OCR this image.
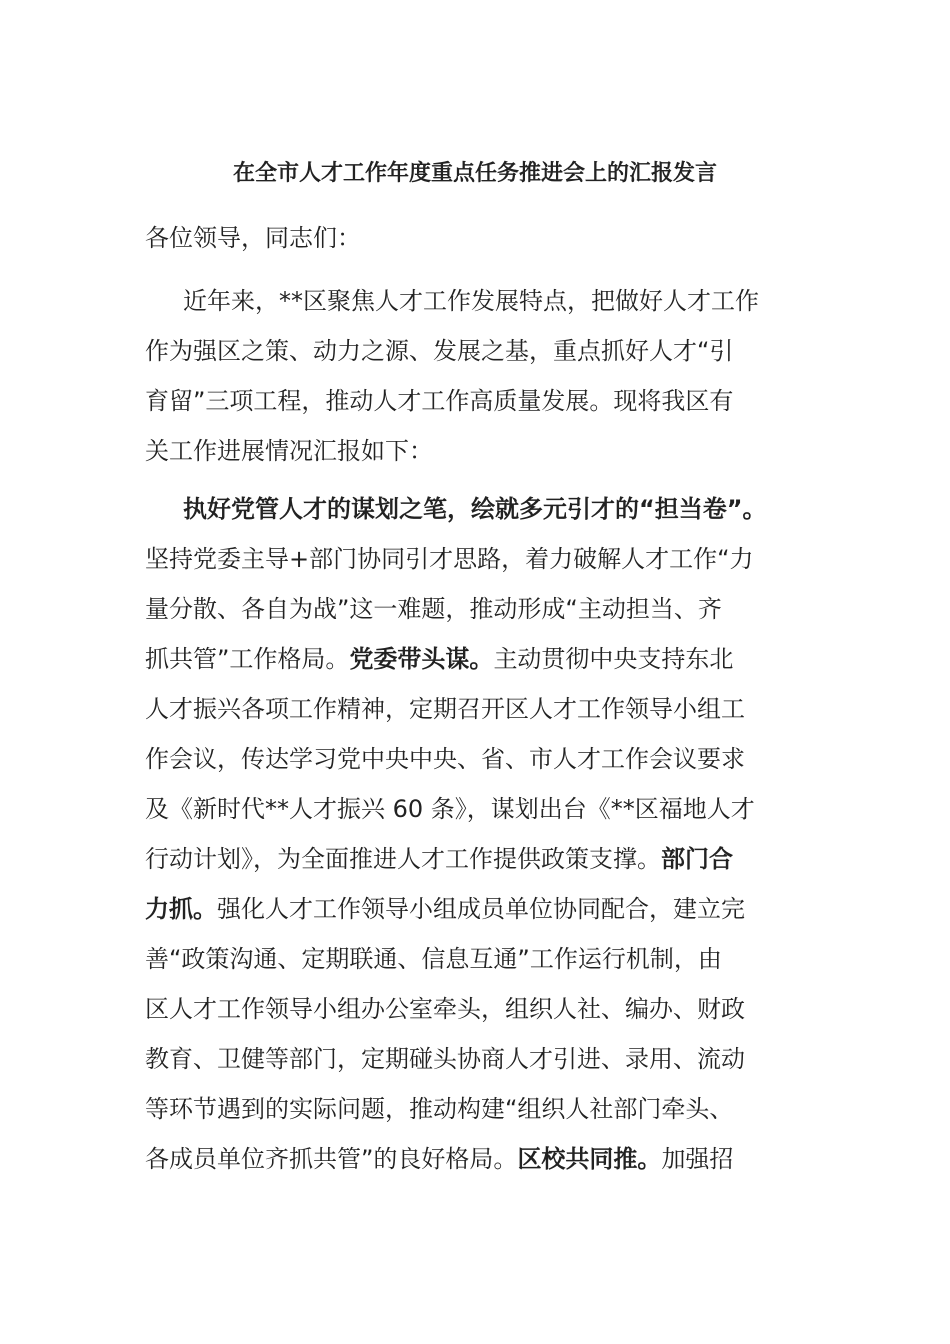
在全市人才工作年度重点任务推进会上的汇报发言
各位领导，同志们：
近年来，**区聚焦人才工作发展特点，把做好人才工作
作为强区之策、动力之源、发展之基，重点抓好人才“引
育留”三项工程，推动人才工作高质量发展。现将我区有
关工作进展情况汇报如下：
执好党管人才的谋划之笔，绘就多元引才的“担当卷”。
坚持党委主导+部门协同引才思路，着力破解人才工作“力
量分散、各自为战”这一难题，推动形成“主动担当、齐
抓共管”工作格局。党委带头谋。主动贯彻中央支持东北
人才振兴各项工作精神，定期召开区人才工作领导小组工
作会议，传达学习党中央中央、省、市人才工作会议要求
及《新时代**人才振兴 60 条》，谋划出台《**区福地人才
行动计划》，为全面推进人才工作提供政策支撑。部门合
力抓。强化人才工作领导小组成员单位协同配合，建立完
善“政策沟通、定期联通、信息互通”工作运行机制，由
区人才工作领导小组办公室牵头，组织人社、编办、财政
教育、卫健等部门，定期碰头协商人才引进、录用、流动
等环节遇到的实际问题，推动构建“组织人社部门牵头、
各成员单位齐抓共管”的良好格局。区校共同推。加强招
